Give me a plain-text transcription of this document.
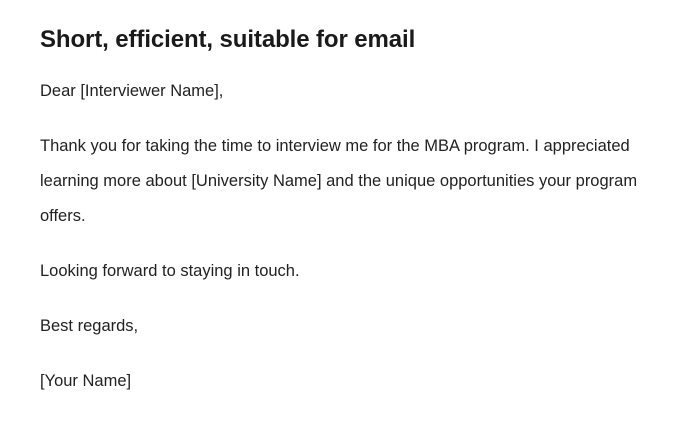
Short, efficient, suitable for email

Dear [Interviewer Name],

Thank you for taking the time to interview me for the MBA program. I appreciated learning more about [University Name] and the unique opportunities your program offers.

Looking forward to staying in touch.

Best regards,

[Your Name]
